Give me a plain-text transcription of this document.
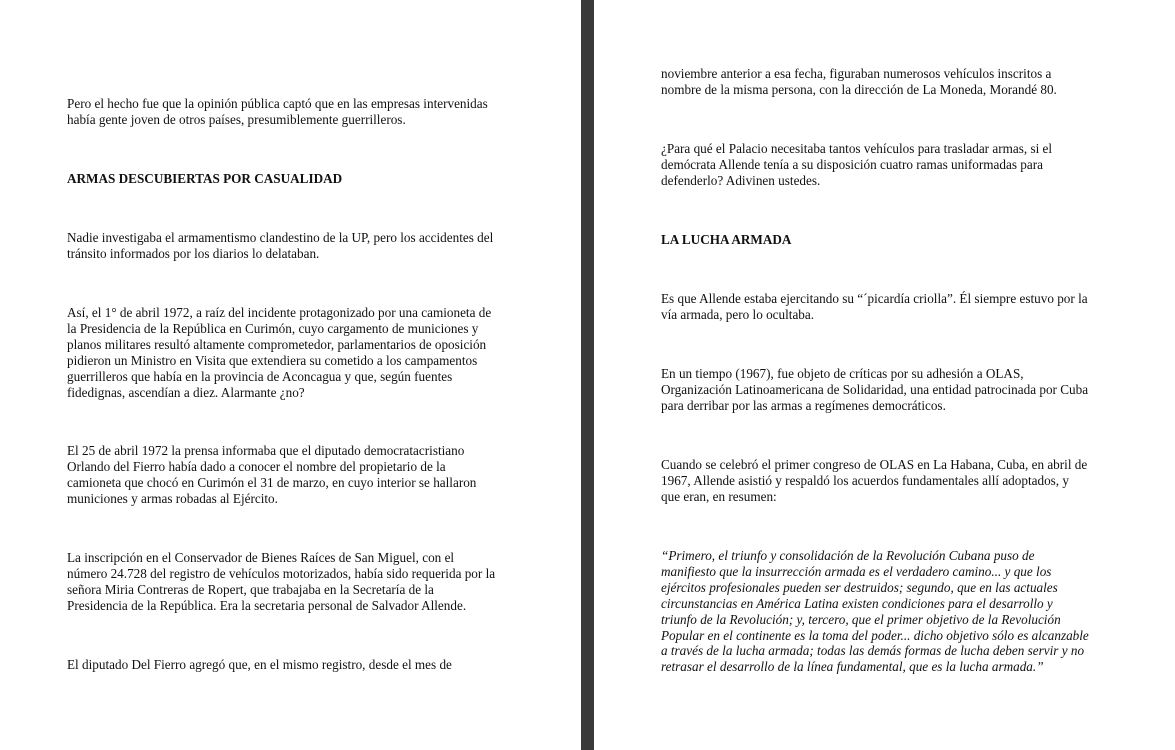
Pero el hecho fue que la opinión pública captó que en las empresas intervenidas
había gente joven de otros países, presumiblemente guerrilleros.

ARMAS DESCUBIERTAS POR CASUALIDAD

Nadie investigaba el armamentismo clandestino de la UP, pero los accidentes del
tránsito informados por los diarios lo delataban.

Así, el 1° de abril 1972, a raíz del incidente protagonizado por una camioneta de
la Presidencia de la República en Curimón, cuyo cargamento de municiones y
planos militares resultó altamente comprometedor, parlamentarios de oposición
pidieron un Ministro en Visita que extendiera su cometido a los campamentos
guerrilleros que había en la provincia de Aconcagua y que, según fuentes
fidedignas, ascendían a diez. Alarmante ¿no?

El 25 de abril 1972 la prensa informaba que el diputado democratacristiano
Orlando del Fierro había dado a conocer el nombre del propietario de la
camioneta que chocó en Curimón el 31 de marzo, en cuyo interior se hallaron
municiones y armas robadas al Ejército.

La inscripción en el Conservador de Bienes Raíces de San Miguel, con el
número 24.728 del registro de vehículos motorizados, había sido requerida por la
señora Miria Contreras de Ropert, que trabajaba en la Secretaría de la
Presidencia de la República. Era la secretaria personal de Salvador Allende.

El diputado Del Fierro agregó que, en el mismo registro, desde el mes de

noviembre anterior a esa fecha, figuraban numerosos vehículos inscritos a
nombre de la misma persona, con la dirección de La Moneda, Morandé 80.

¿Para qué el Palacio necesitaba tantos vehículos para trasladar armas, si el
demócrata Allende tenía a su disposición cuatro ramas uniformadas para
defenderlo? Adivinen ustedes.

LA LUCHA ARMADA

Es que Allende estaba ejercitando su “´picardía criolla”. Él siempre estuvo por la
vía armada, pero lo ocultaba.

En un tiempo (1967), fue objeto de críticas por su adhesión a OLAS,
Organización Latinoamericana de Solidaridad, una entidad patrocinada por Cuba
para derribar por las armas a regímenes democráticos.

Cuando se celebró el primer congreso de OLAS en La Habana, Cuba, en abril de
1967, Allende asistió y respaldó los acuerdos fundamentales allí adoptados, y
que eran, en resumen:

“Primero, el triunfo y consolidación de la Revolución Cubana puso de
manifiesto que la insurrección armada es el verdadero camino... y que los
ejércitos profesionales pueden ser destruidos; segundo, que en las actuales
circunstancias en América Latina existen condiciones para el desarrollo y
triunfo de la Revolución; y, tercero, que el primer objetivo de la Revolución
Popular en el continente es la toma del poder... dicho objetivo sólo es alcanzable
a través de la lucha armada; todas las demás formas de lucha deben servir y no
retrasar el desarrollo de la línea fundamental, que es la lucha armada.”
